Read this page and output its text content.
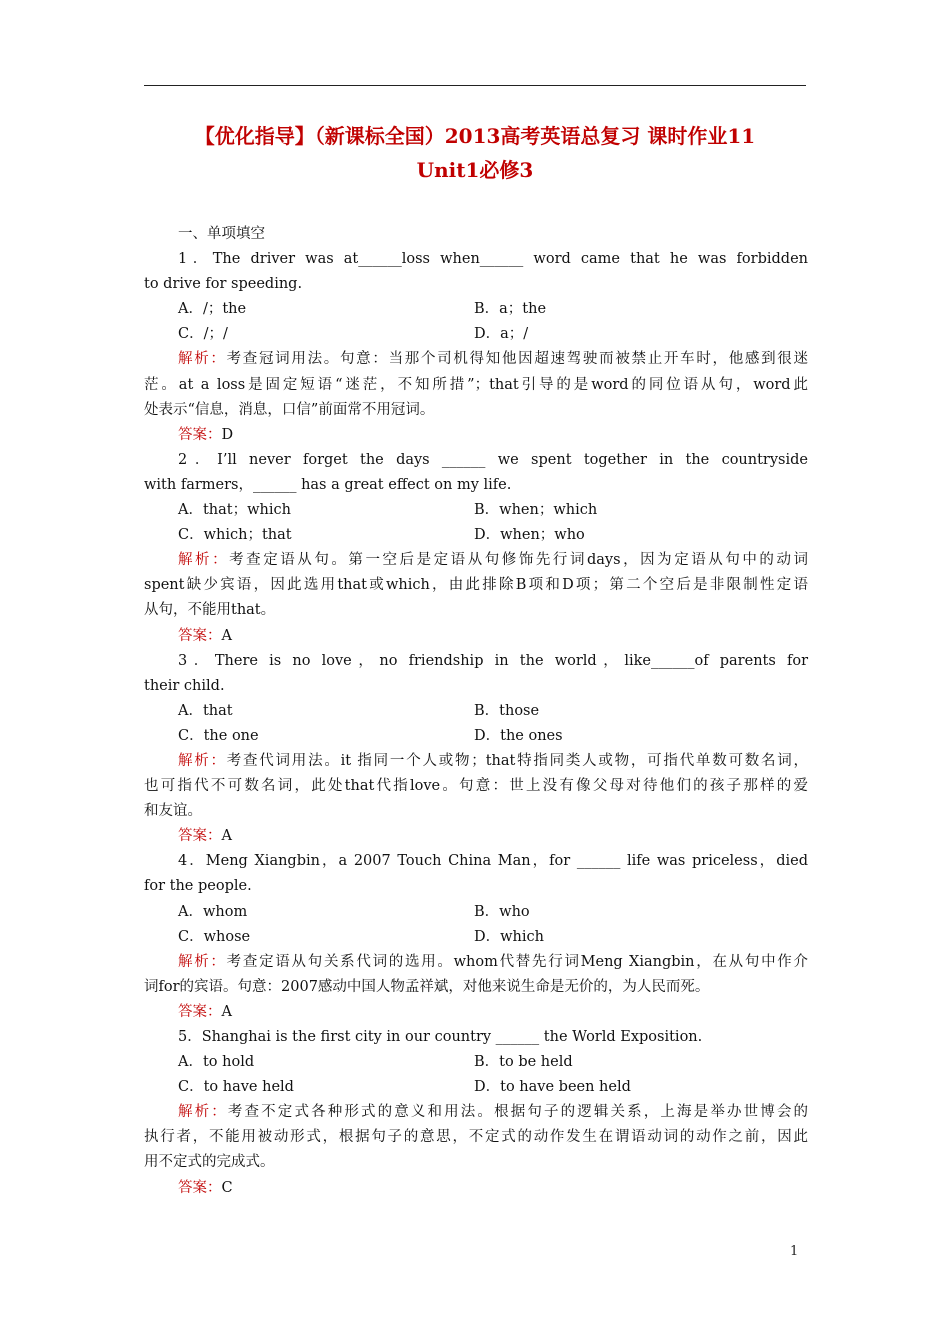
【优化指导】（新课标全国）2013高考英语总复习 课时作业11
Unit1必修3
一、单项填空
1．The driver was at______loss when______ word came that he was forbidden
to drive for speeding.
A．/；the	B．a；the
C．/；/	D．a；/
解析：考查冠词用法。句意：当那个司机得知他因超速驾驶而被禁止开车时，他感到很迷
茫。at a loss是固定短语“迷茫，不知所措”；that引导的是word的同位语从句，word此
处表示“信息，消息，口信”前面常不用冠词。
答案：D
2．I’ll never forget the days ______ we spent together in the countryside
with farmers，______ has a great effect on my life.
A．that；which	B．when；which
C．which；that	D．when；who
解析：考查定语从句。第一空后是定语从句修饰先行词days，因为定语从句中的动词
spent缺少宾语，因此选用that或which，由此排除B项和D项；第二个空后是非限制性定语
从句，不能用that。
答案：A
3．There is no love，no friendship in the world，like______of parents for
their child.
A．that	B．those
C．the one	D．the ones
解析：考查代词用法。it 指同一个人或物；that特指同类人或物，可指代单数可数名词，
也可指代不可数名词，此处that代指love。句意：世上没有像父母对待他们的孩子那样的爱
和友谊。
答案：A
4．Meng Xiangbin，a 2007 Touch China Man，for ______ life was priceless，died
for the people.
A．whom	B．who
C．whose	D．which
解析：考查定语从句关系代词的选用。whom代替先行词Meng Xiangbin，在从句中作介
词for的宾语。句意：2007感动中国人物孟祥斌，对他来说生命是无价的，为人民而死。
答案：A
5．Shanghai is the first city in our country ______ the World Exposition.
A．to hold	B．to be held
C．to have held	D．to have been held
解析：考查不定式各种形式的意义和用法。根据句子的逻辑关系，上海是举办世博会的
执行者，不能用被动形式，根据句子的意思，不定式的动作发生在谓语动词的动作之前，因此
用不定式的完成式。
答案：C
1
